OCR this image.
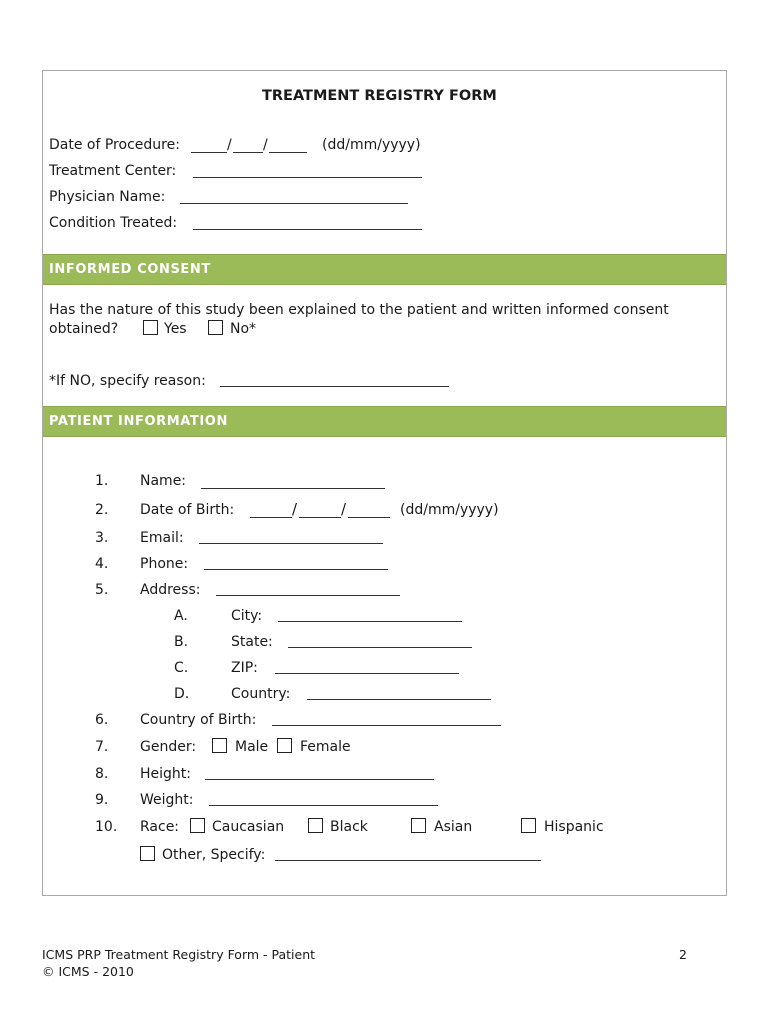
TREATMENT REGISTRY FORM
Date of Procedure:	/ /	(dd/mm/yyyy)
Treatment Center:
Physician Name:
Condition Treated:
INFORMED CONSENT
Has the nature of this study been explained to the patient and written informed consent
obtained?	Yes	No*
*If NO, specify reason:
PATIENT INFORMATION
1. Name:
2. Date of Birth:	/	/	(dd/mm/yyyy)
3. Email:
4. Phone:
5. Address:
A.	City:
B.	State:
C.	ZIP:
D.	Country:
6. Country of Birth:
7. Gender:	Male Female
8. Height:
9. Weight:
10. Race: Caucasian	Black	Asian	Hispanic
Other, Specify:
ICMS PRP Treatment Registry Form - Patient
© ICMS - 2010
2
